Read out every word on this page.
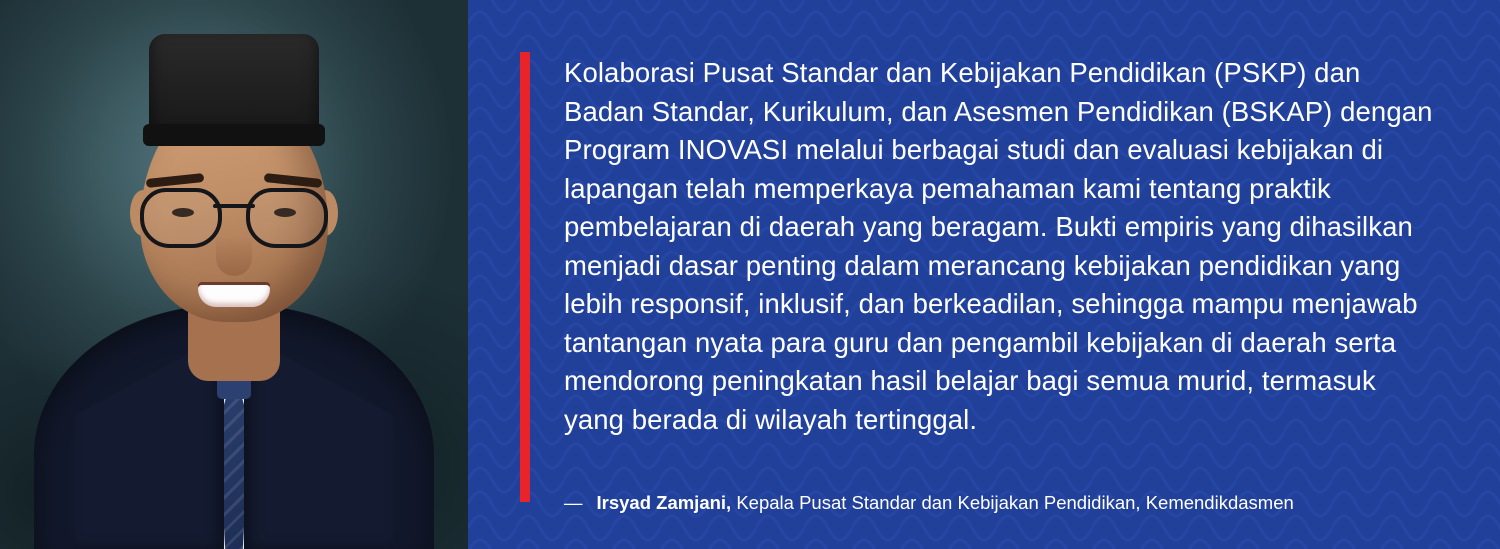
Kolaborasi Pusat Standar dan Kebijakan Pendidikan (PSKP) dan Badan Standar, Kurikulum, dan Asesmen Pendidikan (BSKAP) dengan Program INOVASI melalui berbagai studi dan evaluasi kebijakan di lapangan telah memperkaya pemahaman kami tentang praktik pembelajaran di daerah yang beragam. Bukti empiris yang dihasilkan menjadi dasar penting dalam merancang kebijakan pendidikan yang lebih responsif, inklusif, dan berkeadilan, sehingga mampu menjawab tantangan nyata para guru dan pengambil kebijakan di daerah serta mendorong peningkatan hasil belajar bagi semua murid, termasuk yang berada di wilayah tertinggal.

— Irsyad Zamjani, Kepala Pusat Standar dan Kebijakan Pendidikan, Kemendikdasmen
